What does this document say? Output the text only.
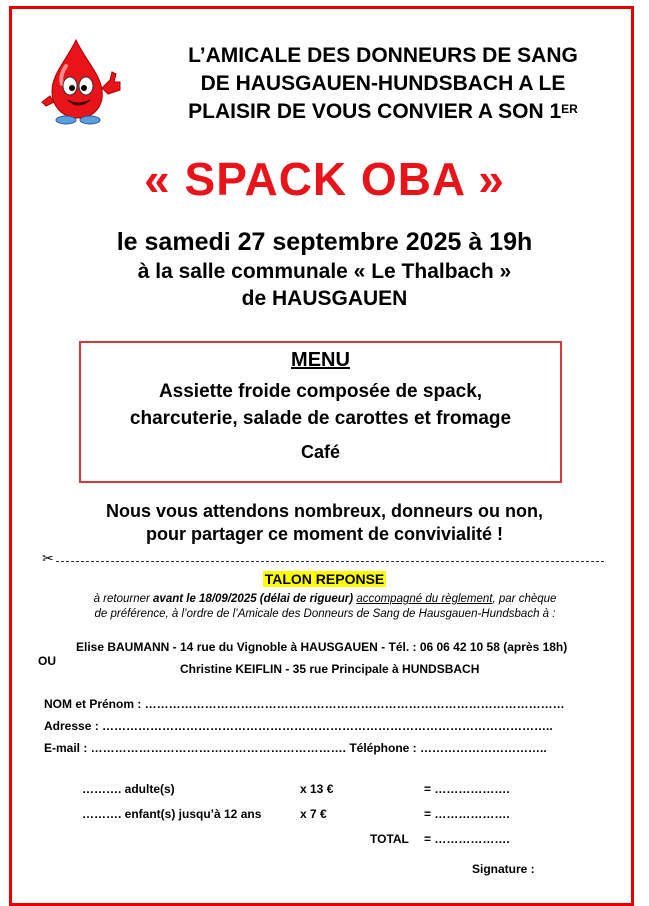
L’AMICALE DES DONNEURS DE SANG
DE HAUSGAUEN-HUNDSBACH A LE
PLAISIR DE VOUS CONVIER A SON 1ER
« SPACK OBA »
le samedi 27 septembre 2025 à 19h
à la salle communale « Le Thalbach »
de HAUSGAUEN
MENU
Assiette froide composée de spack,
charcuterie, salade de carottes et fromage
Café
Nous vous attendons nombreux, donneurs ou non,
pour partager ce moment de convivialité !
✂
TALON REPONSE
à retourner avant le 18/09/2025 (délai de rigueur) accompagné du règlement, par chèque
de préférence, à l’ordre de l’Amicale des Donneurs de Sang de Hausgauen-Hundsbach à :
OU
Elise BAUMANN - 14 rue du Vignoble à HAUSGAUEN - Tél. : 06 06 42 10 58 (après 18h)
Christine KEIFLIN - 35 rue Principale à HUNDSBACH
NOM et Prénom : ……………………………………………………………………………………………
Adresse : …………………………………………………………………………………………………..
E-mail : ………………………………………………………. Téléphone : …………………………..
………. adulte(s)	x 13 €	= ……………….
………. enfant(s) jusqu’à 12 ans	x 7 €	= ……………….
TOTAL = ……………….
Signature :
